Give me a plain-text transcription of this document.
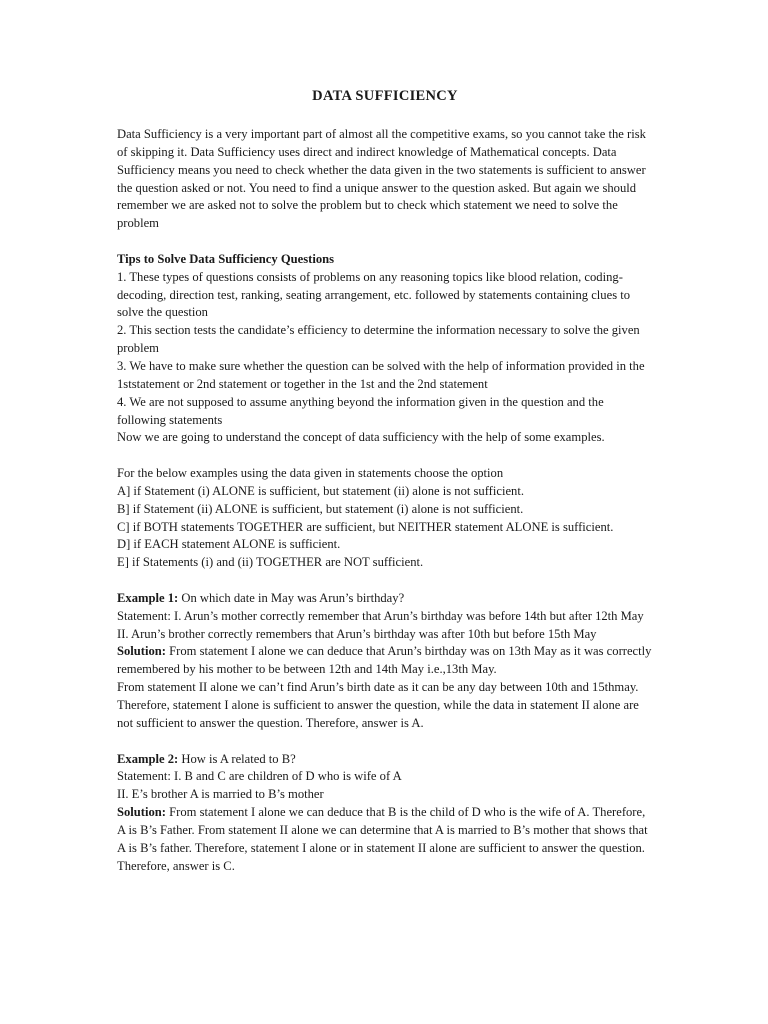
DATA SUFFICIENCY

Data Sufficiency is a very important part of almost all the competitive exams, so you cannot take the risk of skipping it. Data Sufficiency uses direct and indirect knowledge of Mathematical concepts. Data Sufficiency means you need to check whether the data given in the two statements is sufficient to answer the question asked or not. You need to find a unique answer to the question asked. But again we should remember we are asked not to solve the problem but to check which statement we need to solve the problem

Tips to Solve Data Sufficiency Questions

1. These types of questions consists of problems on any reasoning topics like blood relation, coding-decoding, direction test, ranking, seating arrangement, etc. followed by statements containing clues to solve the question

2. This section tests the candidate’s efficiency to determine the information necessary to solve the given problem

3. We have to make sure whether the question can be solved with the help of information provided in the 1ststatement or 2nd statement or together in the 1st and the 2nd statement

4. We are not supposed to assume anything beyond the information given in the question and the following statements

Now we are going to understand the concept of data sufficiency with the help of some examples.

For the below examples using the data given in statements choose the option

A] if Statement (i) ALONE is sufficient, but statement (ii) alone is not sufficient.

B] if Statement (ii) ALONE is sufficient, but statement (i) alone is not sufficient.

C] if BOTH statements TOGETHER are sufficient, but NEITHER statement ALONE is sufficient.

D] if EACH statement ALONE is sufficient.

E] if Statements (i) and (ii) TOGETHER are NOT sufficient.

Example 1: On which date in May was Arun’s birthday?

Statement: I. Arun’s mother correctly remember that Arun’s birthday was before 14th but after 12th May

II. Arun’s brother correctly remembers that Arun’s birthday was after 10th but before 15th May

Solution: From statement I alone we can deduce that Arun’s birthday was on 13th May as it was correctly remembered by his mother to be between 12th and 14th May i.e.,13th May.

From statement II alone we can’t find Arun’s birth date as it can be any day between 10th and 15thmay. Therefore, statement I alone is sufficient to answer the question, while the data in statement II alone are not sufficient to answer the question. Therefore, answer is A.

Example 2: How is A related to B?

Statement: I. B and C are children of D who is wife of A

II. E’s brother A is married to B’s mother

Solution: From statement I alone we can deduce that B is the child of D who is the wife of A. Therefore, A is B’s Father. From statement II alone we can determine that A is married to B’s mother that shows that A is B’s father. Therefore, statement I alone or in statement II alone are sufficient to answer the question. Therefore, answer is C.
